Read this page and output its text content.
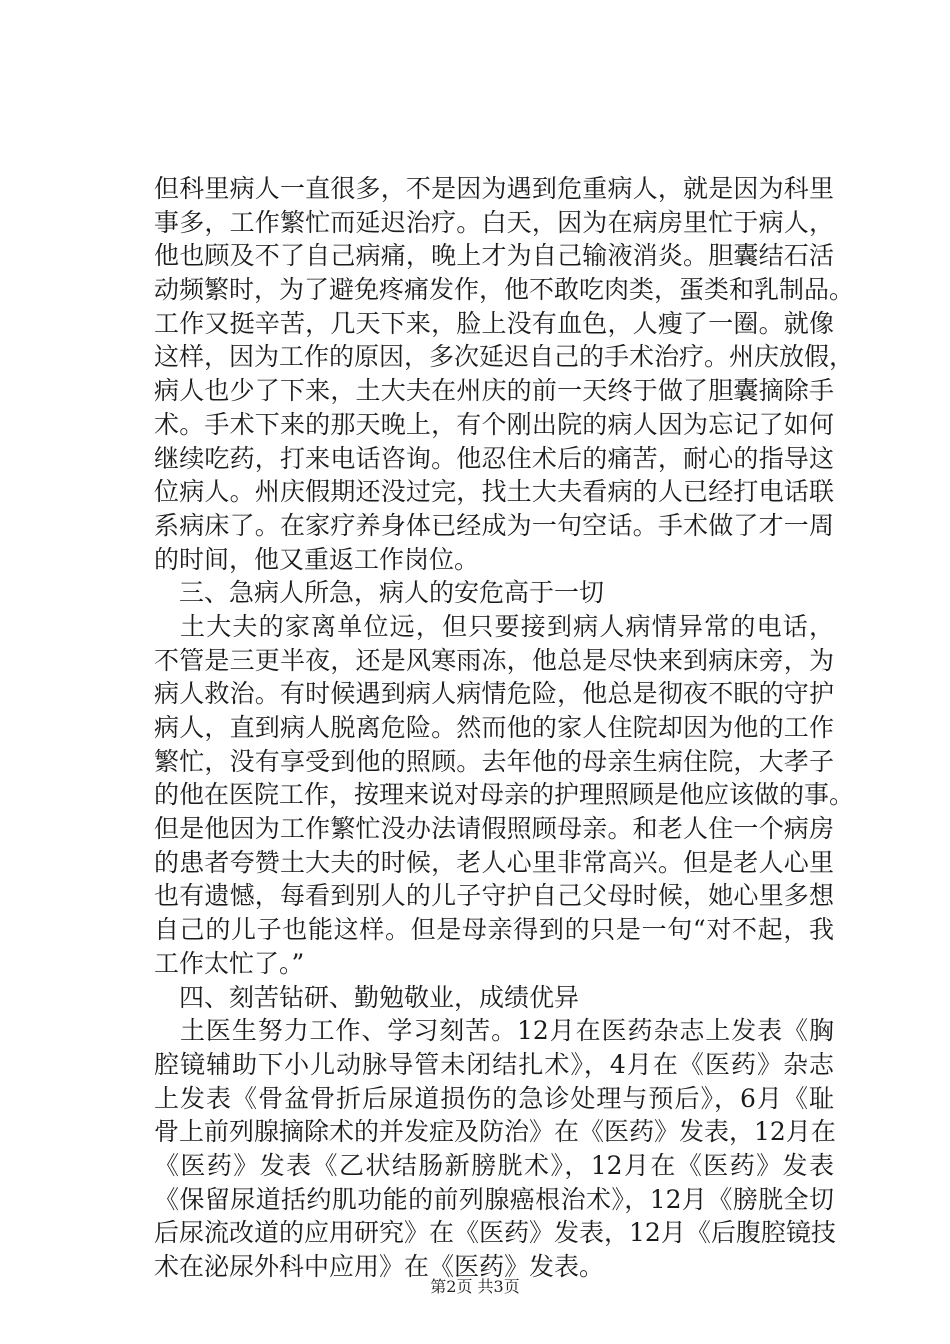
但科里病人一直很多，不是因为遇到危重病人，就是因为科里
事多，工作繁忙而延迟治疗。白天，因为在病房里忙于病人，
他也顾及不了自己病痛，晚上才为自己输液消炎。胆囊结石活
动频繁时，为了避免疼痛发作，他不敢吃肉类，蛋类和乳制品。
工作又挺辛苦，几天下来，脸上没有血色，人瘦了一圈。就像
这样，因为工作的原因，多次延迟自己的手术治疗。州庆放假，
病人也少了下来，土大夫在州庆的前一天终于做了胆囊摘除手
术。手术下来的那天晚上，有个刚出院的病人因为忘记了如何
继续吃药，打来电话咨询。他忍住术后的痛苦，耐心的指导这
位病人。州庆假期还没过完，找土大夫看病的人已经打电话联
系病床了。在家疗养身体已经成为一句空话。手术做了才一周
的时间，他又重返工作岗位。
三、急病人所急，病人的安危高于一切
土大夫的家离单位远，但只要接到病人病情异常的电话，
不管是三更半夜，还是风寒雨冻，他总是尽快来到病床旁，为
病人救治。有时候遇到病人病情危险，他总是彻夜不眠的守护
病人，直到病人脱离危险。然而他的家人住院却因为他的工作
繁忙，没有享受到他的照顾。去年他的母亲生病住院，大孝子
的他在医院工作，按理来说对母亲的护理照顾是他应该做的事。
但是他因为工作繁忙没办法请假照顾母亲。和老人住一个病房
的患者夸赞土大夫的时候，老人心里非常高兴。但是老人心里
也有遗憾，每看到别人的儿子守护自己父母时候，她心里多想
自己的儿子也能这样。但是母亲得到的只是一句“对不起，我
工作太忙了。”
四、刻苦钻研、勤勉敬业，成绩优异
土医生努力工作、学习刻苦。12月在医药杂志上发表《胸
腔镜辅助下小儿动脉导管未闭结扎术》，4月在《医药》杂志
上发表《骨盆骨折后尿道损伤的急诊处理与预后》，6月《耻
骨上前列腺摘除术的并发症及防治》在《医药》发表，12月在
《医药》发表《乙状结肠新膀胱术》，12月在《医药》发表
《保留尿道括约肌功能的前列腺癌根治术》，12月《膀胱全切
后尿流改道的应用研究》在《医药》发表，12月《后腹腔镜技
术在泌尿外科中应用》在《医药》发表。
第2页 共3页
